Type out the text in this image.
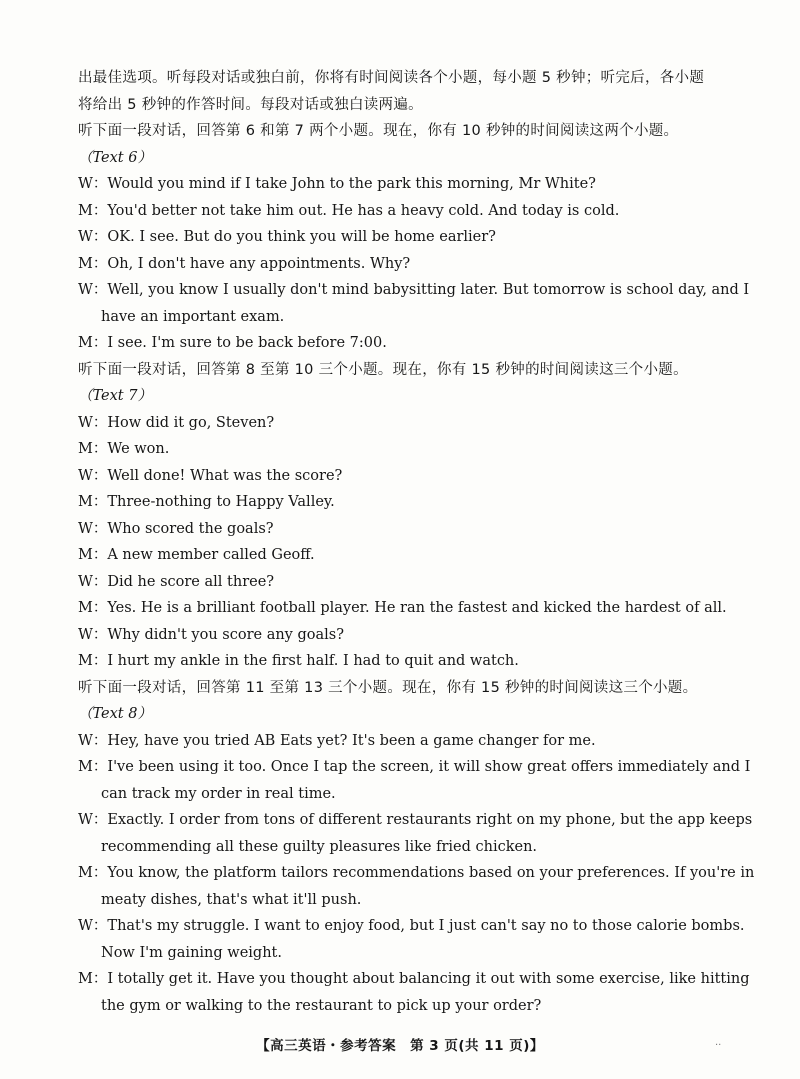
出最佳选项。听每段对话或独白前，你将有时间阅读各个小题，每小题 5 秒钟；听完后，各小题
将给出 5 秒钟的作答时间。每段对话或独白读两遍。
听下面一段对话，回答第 6 和第 7 两个小题。现在，你有 10 秒钟的时间阅读这两个小题。
（Text 6）
W：Would you mind if I take John to the park this morning, Mr White?
M：You'd better not take him out. He has a heavy cold. And today is cold.
W：OK. I see. But do you think you will be home earlier?
M：Oh, I don't have any appointments. Why?
W：Well, you know I usually don't mind babysitting later. But tomorrow is school day, and I
have an important exam.
M：I see. I'm sure to be back before 7:00.
听下面一段对话，回答第 8 至第 10 三个小题。现在，你有 15 秒钟的时间阅读这三个小题。
（Text 7）
W：How did it go, Steven?
M：We won.
W：Well done! What was the score?
M：Three-nothing to Happy Valley.
W：Who scored the goals?
M：A new member called Geoff.
W：Did he score all three?
M：Yes. He is a brilliant football player. He ran the fastest and kicked the hardest of all.
W：Why didn't you score any goals?
M：I hurt my ankle in the first half. I had to quit and watch.
听下面一段对话，回答第 11 至第 13 三个小题。现在，你有 15 秒钟的时间阅读这三个小题。
（Text 8）
W：Hey, have you tried AB Eats yet? It's been a game changer for me.
M：I've been using it too. Once I tap the screen, it will show great offers immediately and I
can track my order in real time.
W：Exactly. I order from tons of different restaurants right on my phone, but the app keeps
recommending all these guilty pleasures like fried chicken.
M：You know, the platform tailors recommendations based on your preferences. If you're in
meaty dishes, that's what it'll push.
W：That's my struggle. I want to enjoy food, but I just can't say no to those calorie bombs.
Now I'm gaining weight.
M：I totally get it. Have you thought about balancing it out with some exercise, like hitting
the gym or walking to the restaurant to pick up your order?
【高三英语・参考答案　第 3 页(共 11 页)】	..
